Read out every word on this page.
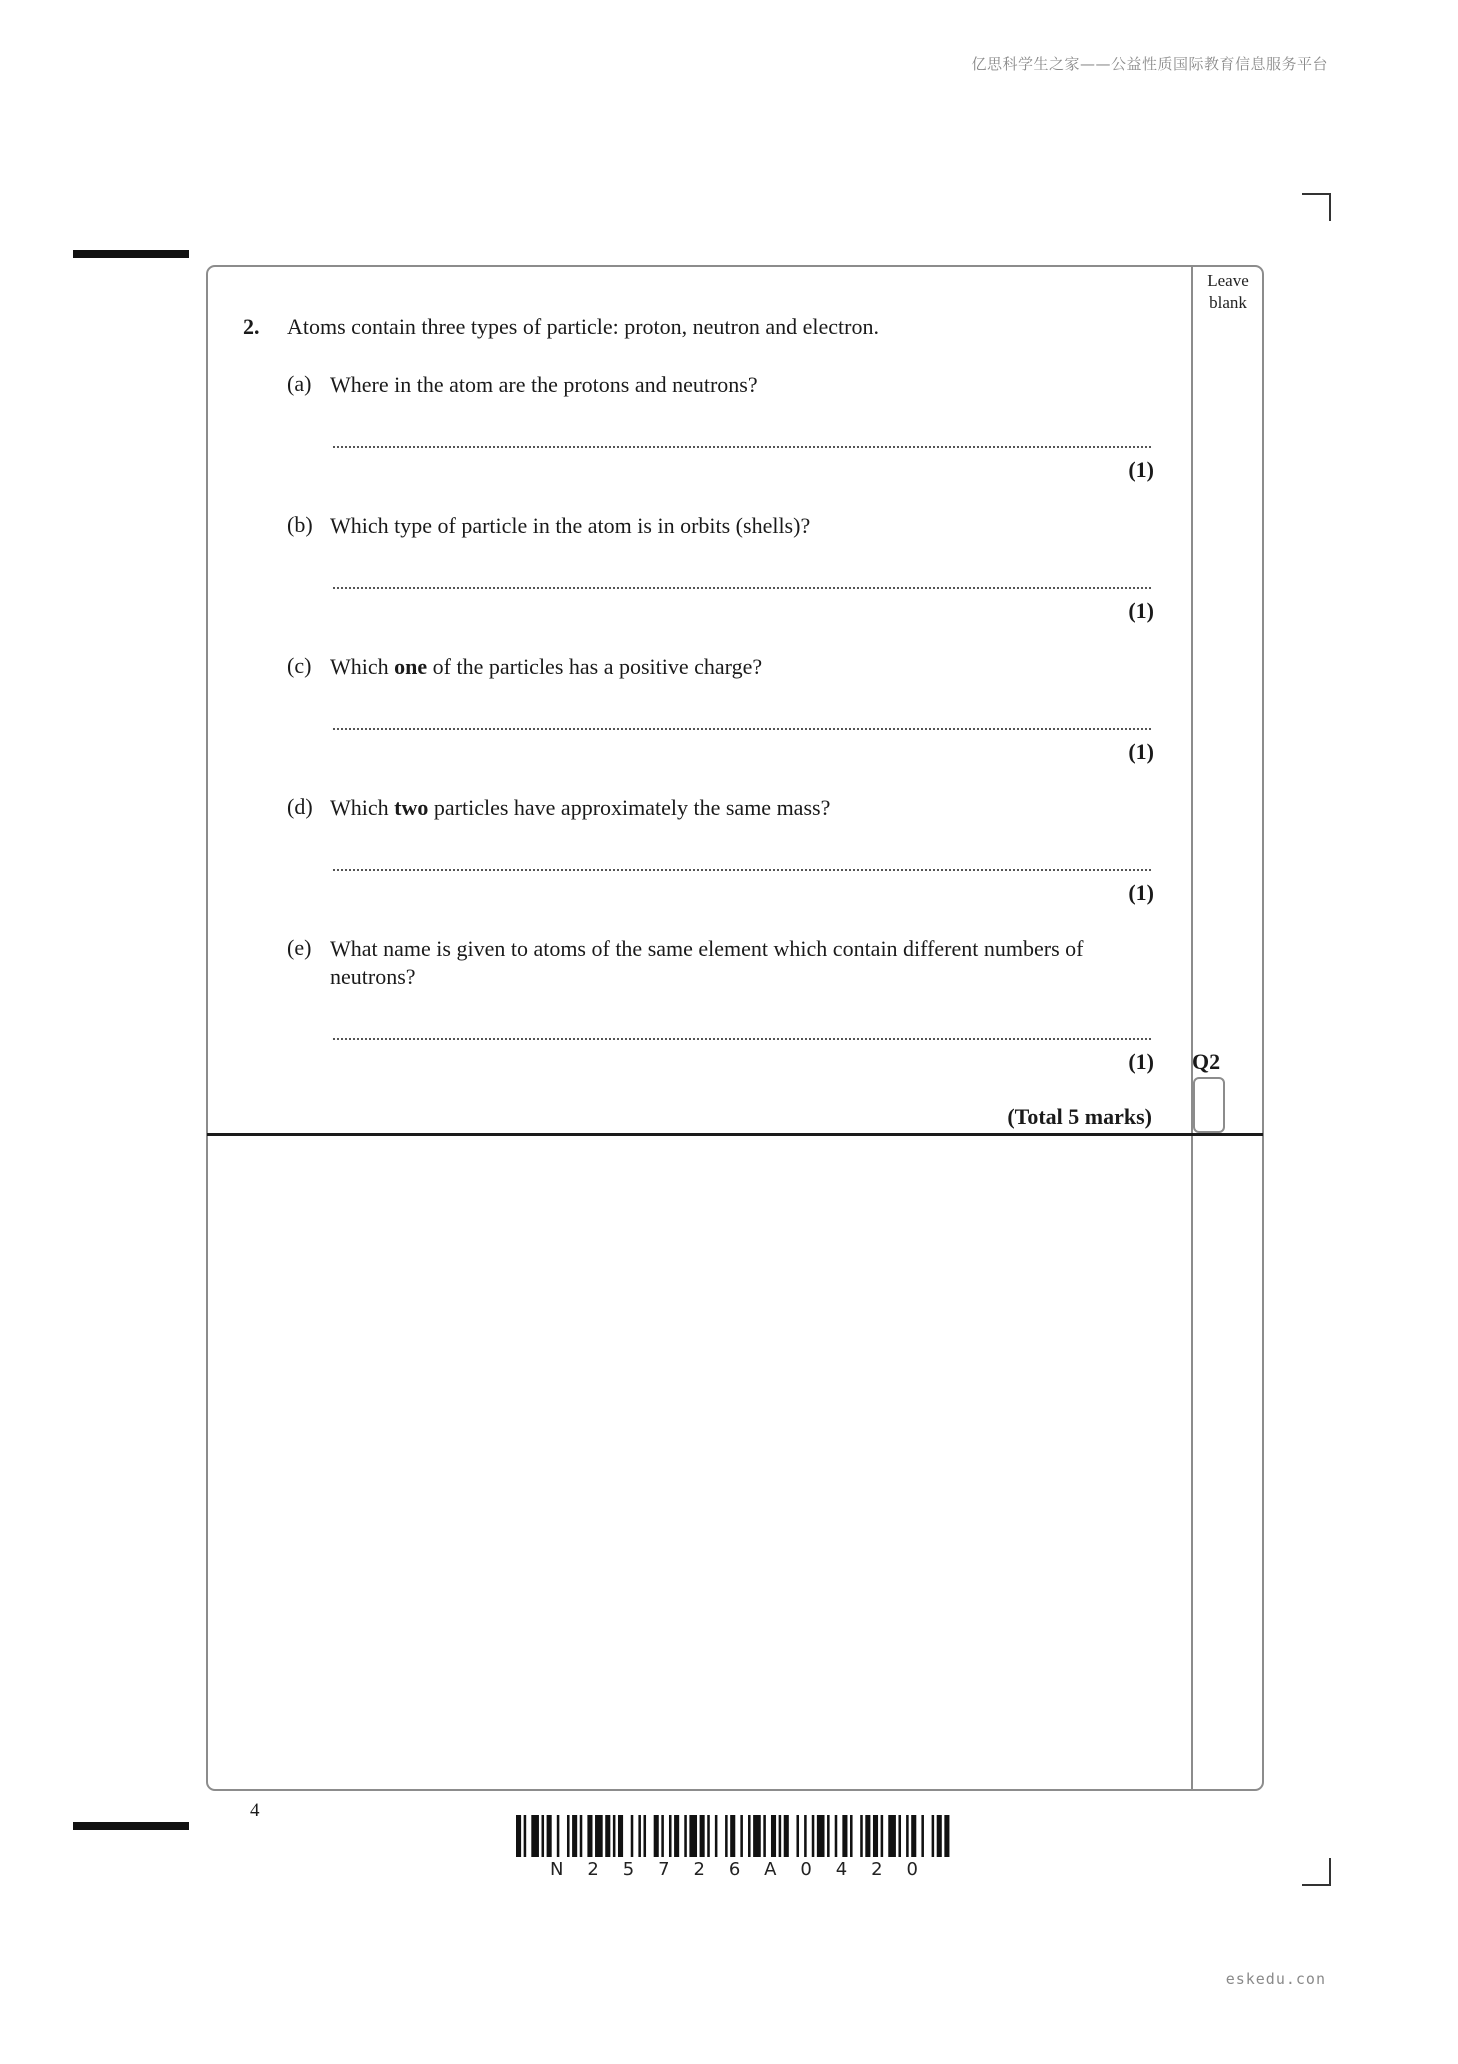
亿思科学生之家——公益性质国际教育信息服务平台
Leave blank
2. Atoms contain three types of particle: proton, neutron and electron.
(a) Where in the atom are the protons and neutrons?
(1)
(b) Which type of particle in the atom is in orbits (shells)?
(1)
(c) Which one of the particles has a positive charge?
(1)
(d) Which two particles have approximately the same mass?
(1)
(e) What name is given to atoms of the same element which contain different numbers of neutrons?
(1) Q2
(Total 5 marks)
4
N 2 5 7 2 6 A 0 4 2 0
eskedu.con
